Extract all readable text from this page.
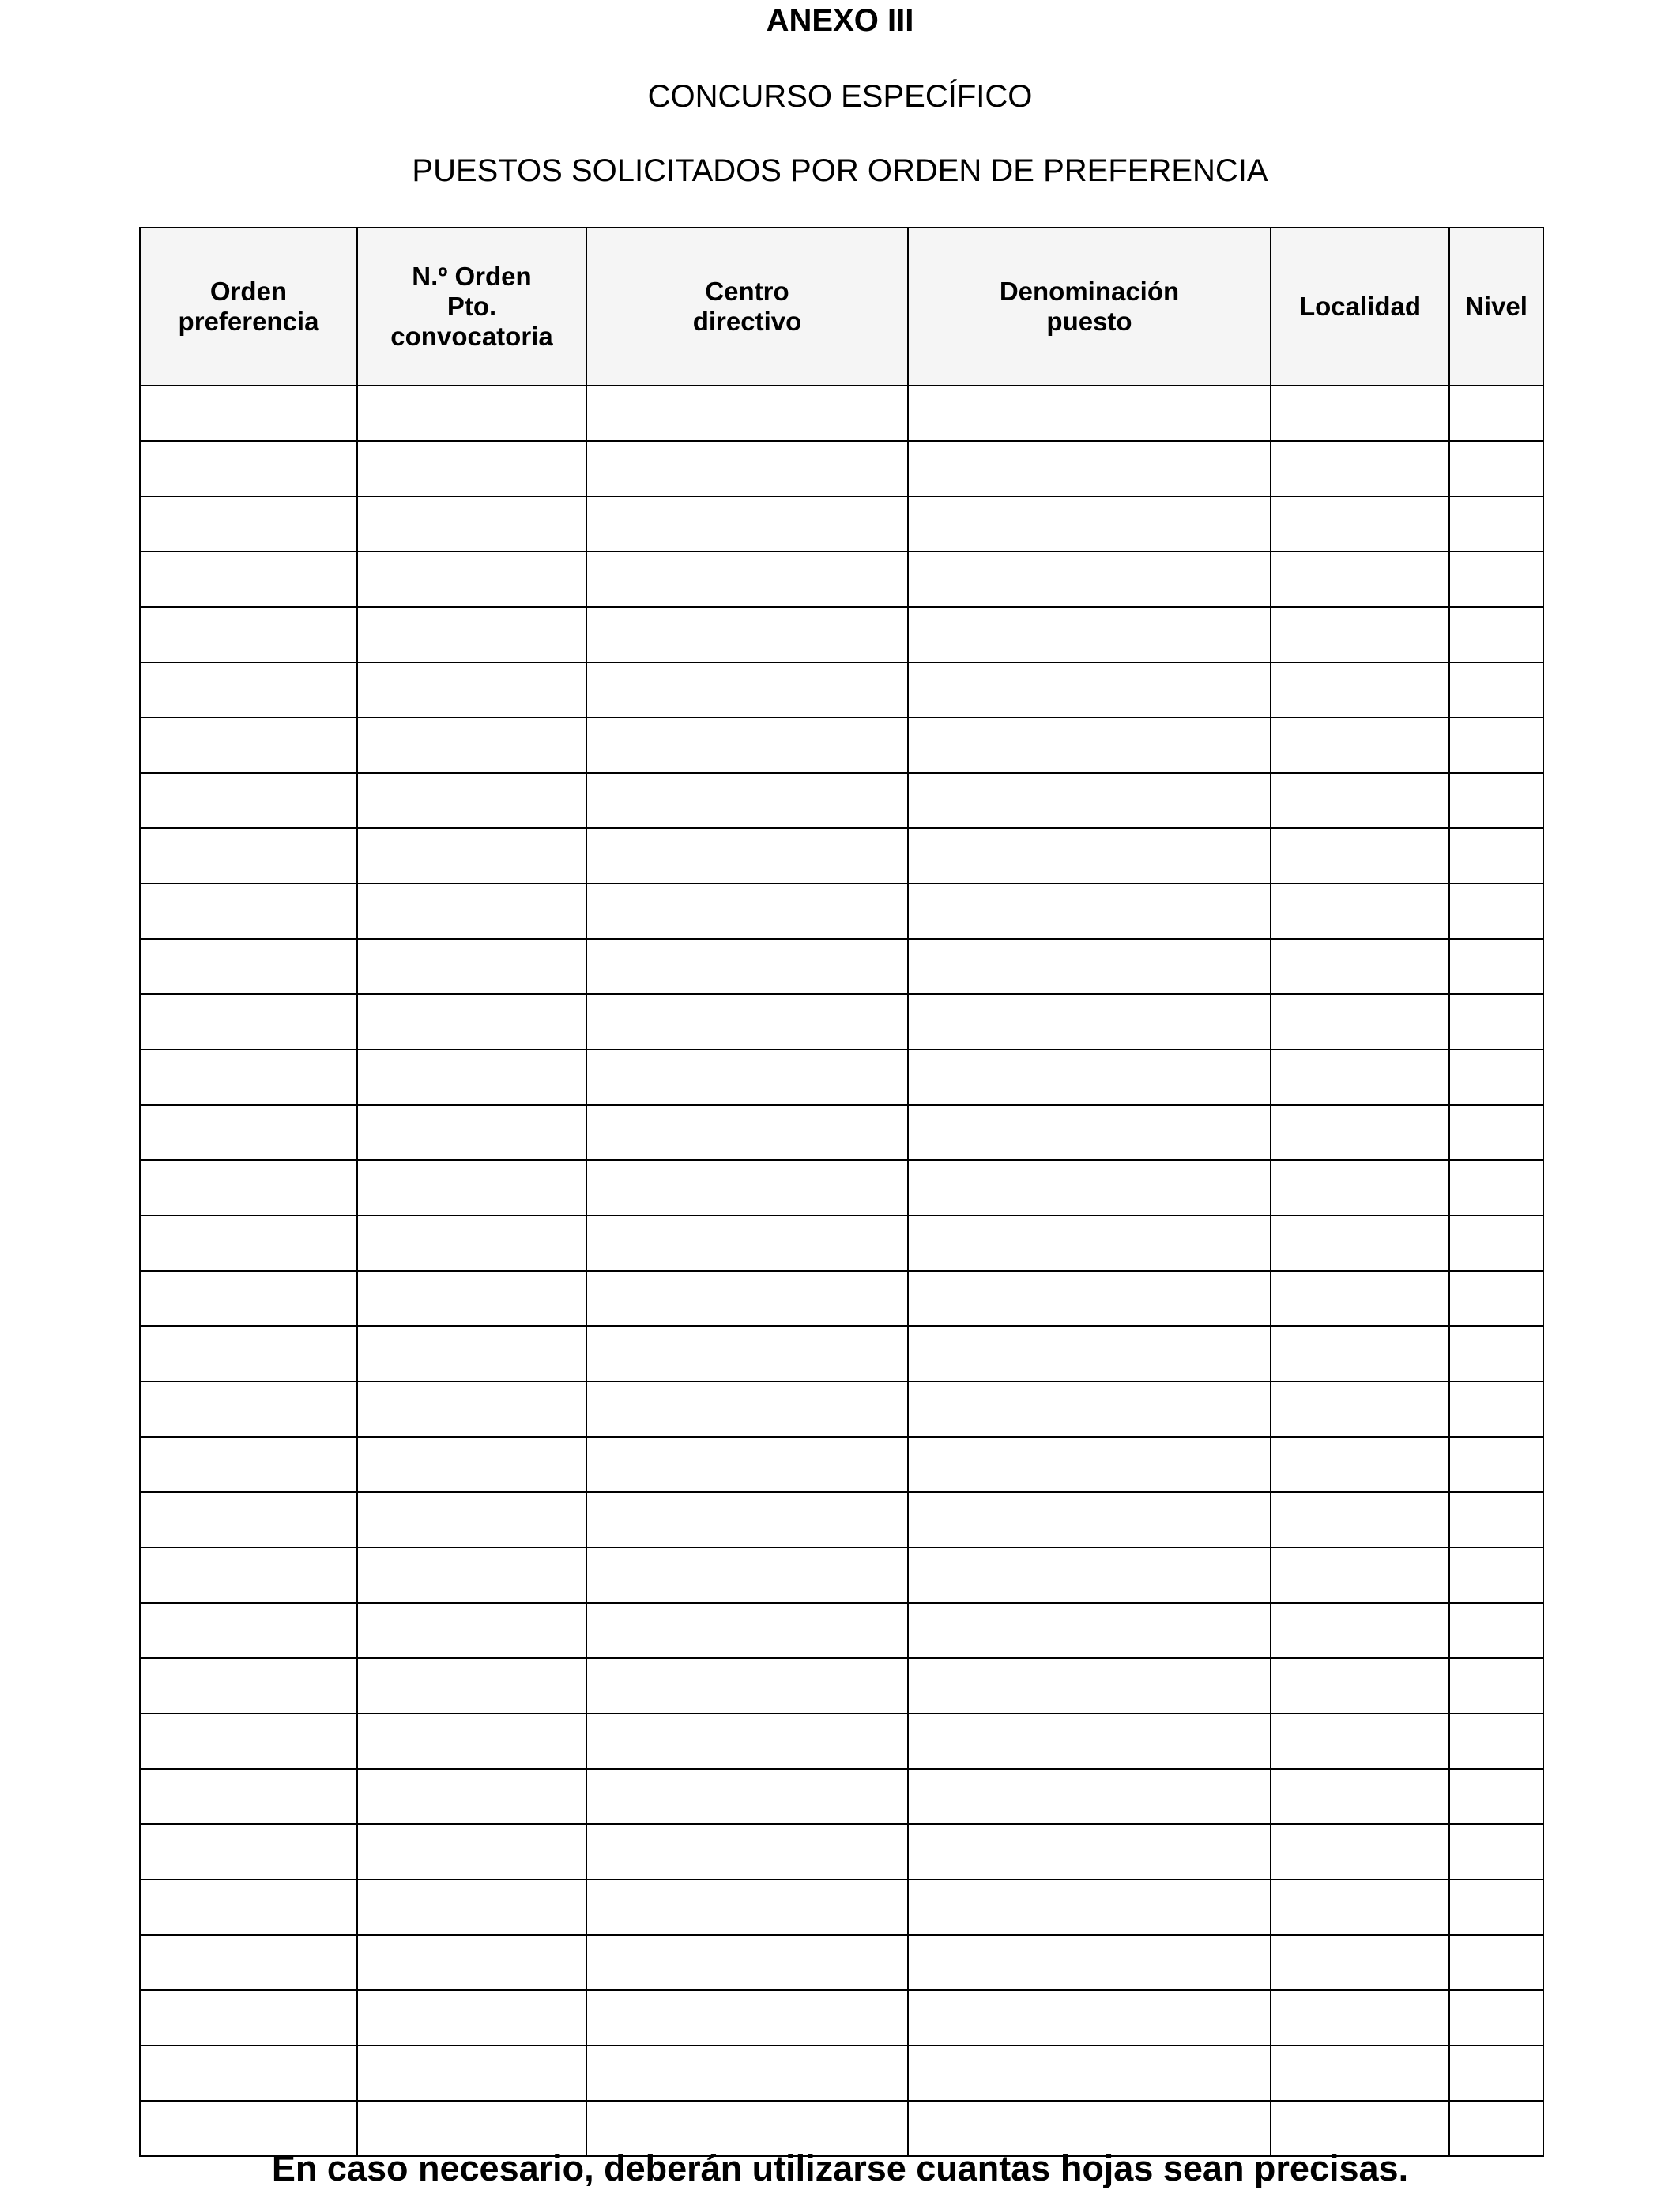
ANEXO III
CONCURSO ESPECÍFICO
PUESTOS SOLICITADOS POR ORDEN DE PREFERENCIA
Orden
preferencia	N.º Orden
Pto.
convocatoria	Centro
directivo	Denominación
puesto	Localidad	Nivel

En caso necesario, deberán utilizarse cuantas hojas sean precisas.
